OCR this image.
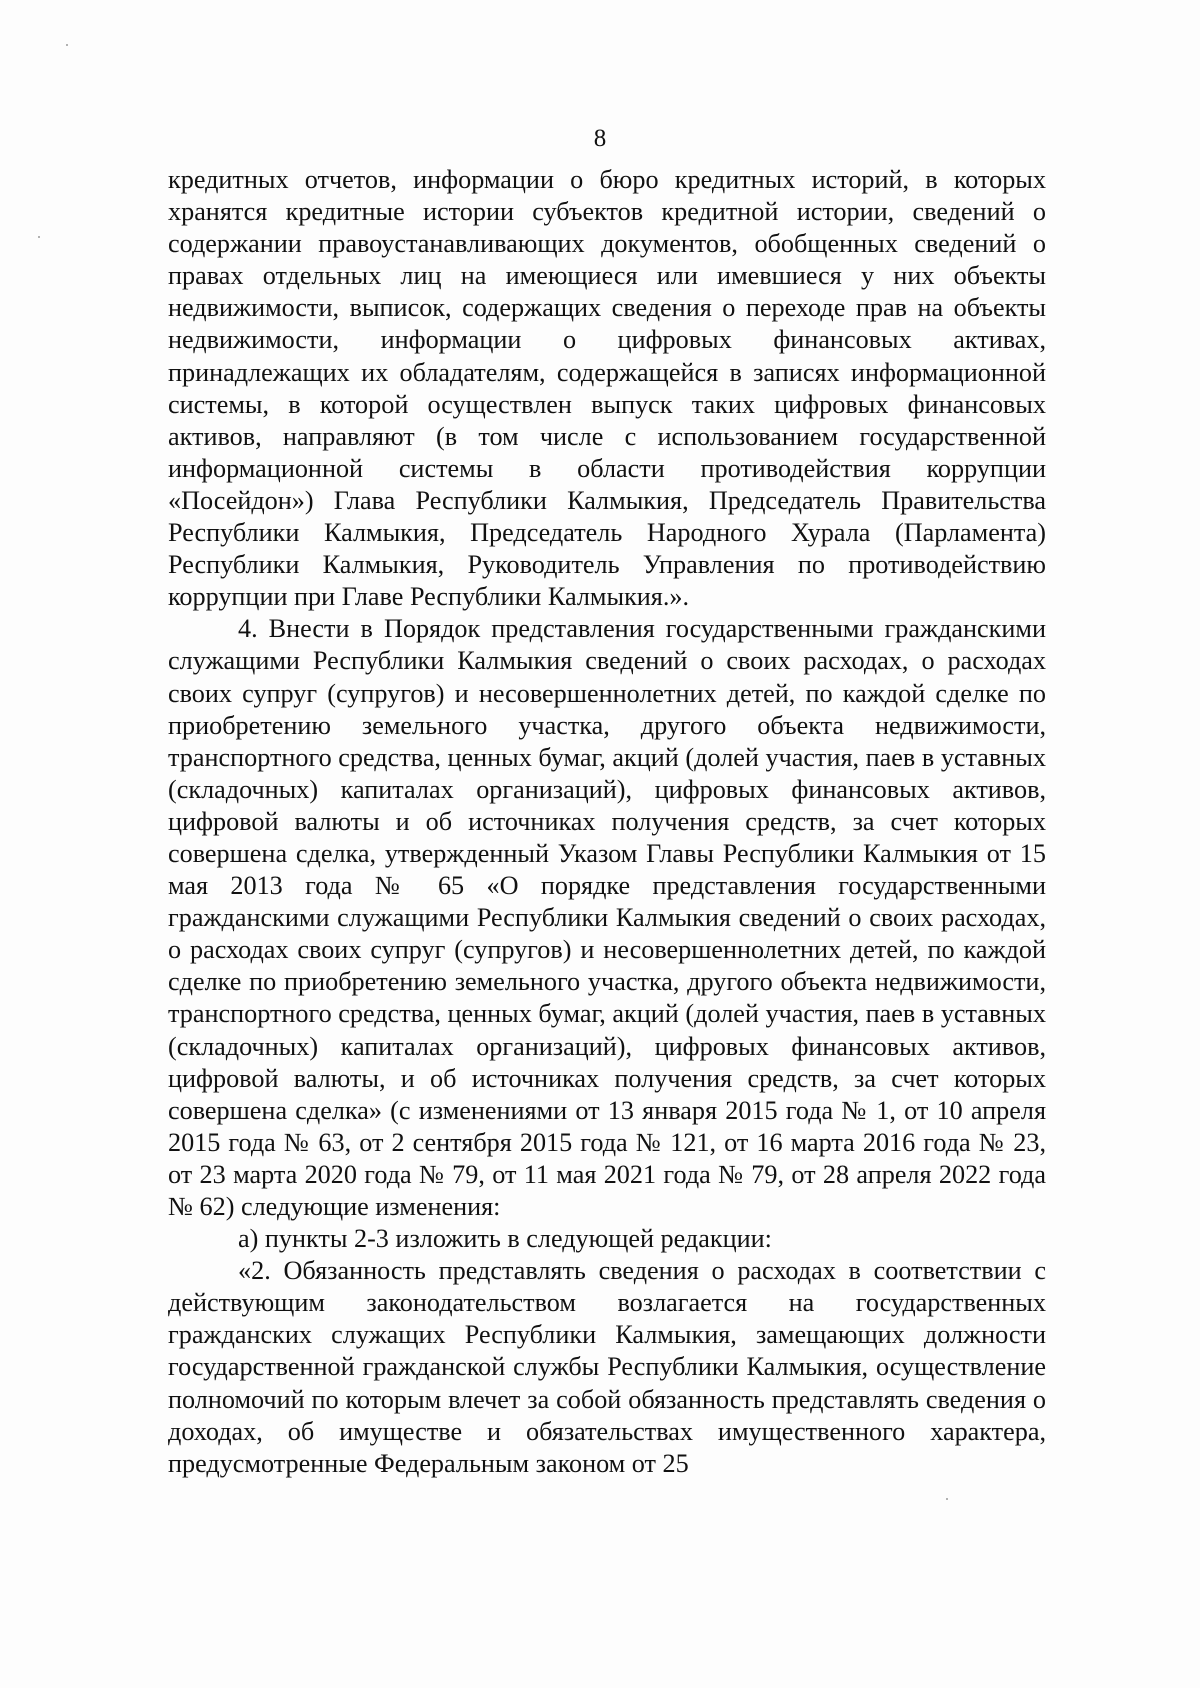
8

кредитных отчетов, информации о бюро кредитных историй, в которых хранятся кредитные истории субъектов кредитной истории, сведений о содержании правоустанавливающих документов, обобщенных сведений о правах отдельных лиц на имеющиеся или имевшиеся у них объекты недвижимости, выписок, содержащих сведения о переходе прав на объекты недвижимости, информации о цифровых финансовых активах, принадлежащих их обладателям, содержащейся в записях информационной системы, в которой осуществлен выпуск таких цифровых финансовых активов, направляют (в том числе с использованием государственной информационной системы в области противодействия коррупции «Посейдон») Глава Республики Калмыкия, Председатель Правительства Республики Калмыкия, Председатель Народного Хурала (Парламента) Республики Калмыкия, Руководитель Управления по противодействию коррупции при Главе Республики Калмыкия.».

4. Внести в Порядок представления государственными гражданскими служащими Республики Калмыкия сведений о своих расходах, о расходах своих супруг (супругов) и несовершеннолетних детей, по каждой сделке по приобретению земельного участка, другого объекта недвижимости, транспортного средства, ценных бумаг, акций (долей участия, паев в уставных (складочных) капиталах организаций), цифровых финансовых активов, цифровой валюты и об источниках получения средств, за счет которых совершена сделка, утвержденный Указом Главы Республики Калмыкия от 15 мая 2013 года № 65 «О порядке представления государственными гражданскими служащими Республики Калмыкия сведений о своих расходах, о расходах своих супруг (супругов) и несовершеннолетних детей, по каждой сделке по приобретению земельного участка, другого объекта недвижимости, транспортного средства, ценных бумаг, акций (долей участия, паев в уставных (складочных) капиталах организаций), цифровых финансовых активов, цифровой валюты, и об источниках получения средств, за счет которых совершена сделка» (с изменениями от 13 января 2015 года № 1, от 10 апреля 2015 года № 63, от 2 сентября 2015 года № 121, от 16 марта 2016 года № 23, от 23 марта 2020 года № 79, от 11 мая 2021 года № 79, от 28 апреля 2022 года № 62) следующие изменения:

а) пункты 2-3 изложить в следующей редакции:

«2. Обязанность представлять сведения о расходах в соответствии с действующим законодательством возлагается на государственных гражданских служащих Республики Калмыкия, замещающих должности государственной гражданской службы Республики Калмыкия, осуществление полномочий по которым влечет за собой обязанность представлять сведения о доходах, об имуществе и обязательствах имущественного характера, предусмотренные Федеральным законом от 25
